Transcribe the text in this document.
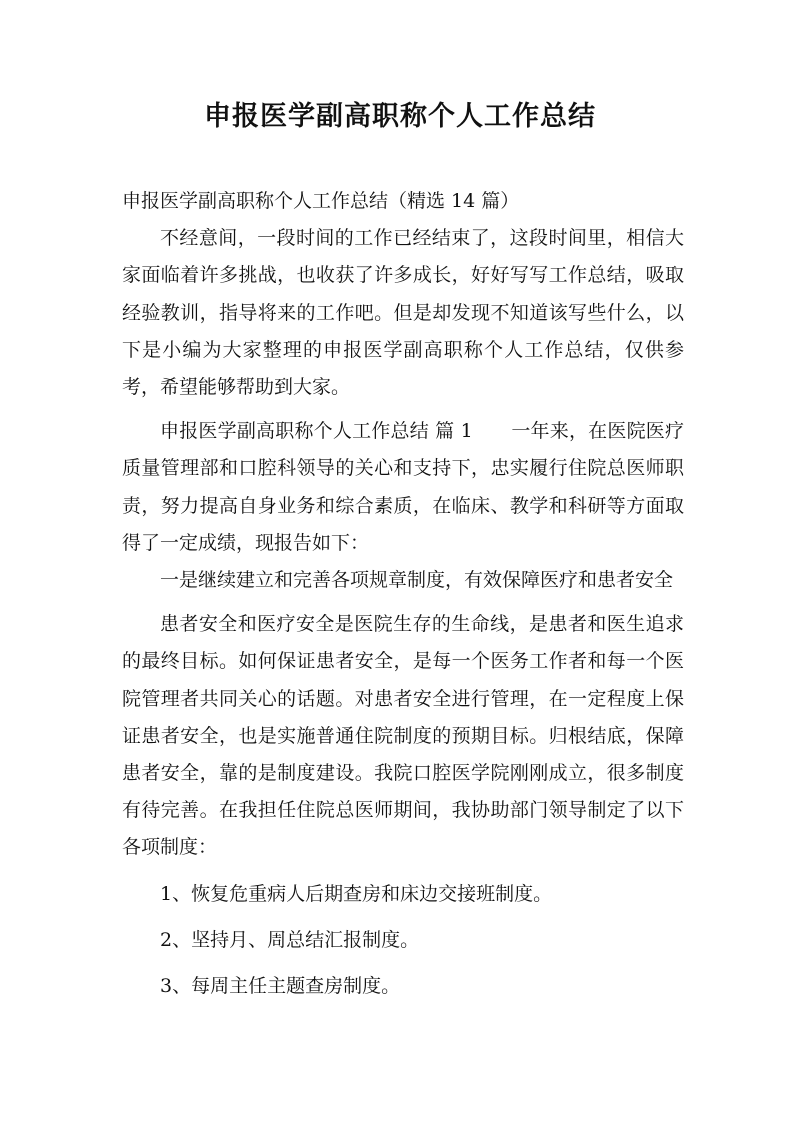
申报医学副高职称个人工作总结

申报医学副高职称个人工作总结（精选 14 篇）

不经意间，一段时间的工作已经结束了，这段时间里，相信大家面临着许多挑战，也收获了许多成长，好好写写工作总结，吸取经验教训，指导将来的工作吧。但是却发现不知道该写些什么，以下是小编为大家整理的申报医学副高职称个人工作总结，仅供参考，希望能够帮助到大家。

申报医学副高职称个人工作总结 篇 1　　一年来，在医院医疗质量管理部和口腔科领导的关心和支持下，忠实履行住院总医师职责，努力提高自身业务和综合素质，在临床、教学和科研等方面取得了一定成绩，现报告如下：

一是继续建立和完善各项规章制度，有效保障医疗和患者安全

患者安全和医疗安全是医院生存的生命线，是患者和医生追求的最终目标。如何保证患者安全，是每一个医务工作者和每一个医院管理者共同关心的话题。对患者安全进行管理，在一定程度上保证患者安全，也是实施普通住院制度的预期目标。归根结底，保障患者安全，靠的是制度建设。我院口腔医学院刚刚成立，很多制度有待完善。在我担任住院总医师期间，我协助部门领导制定了以下各项制度：

1、恢复危重病人后期查房和床边交接班制度。

2、坚持月、周总结汇报制度。

3、每周主任主题查房制度。
